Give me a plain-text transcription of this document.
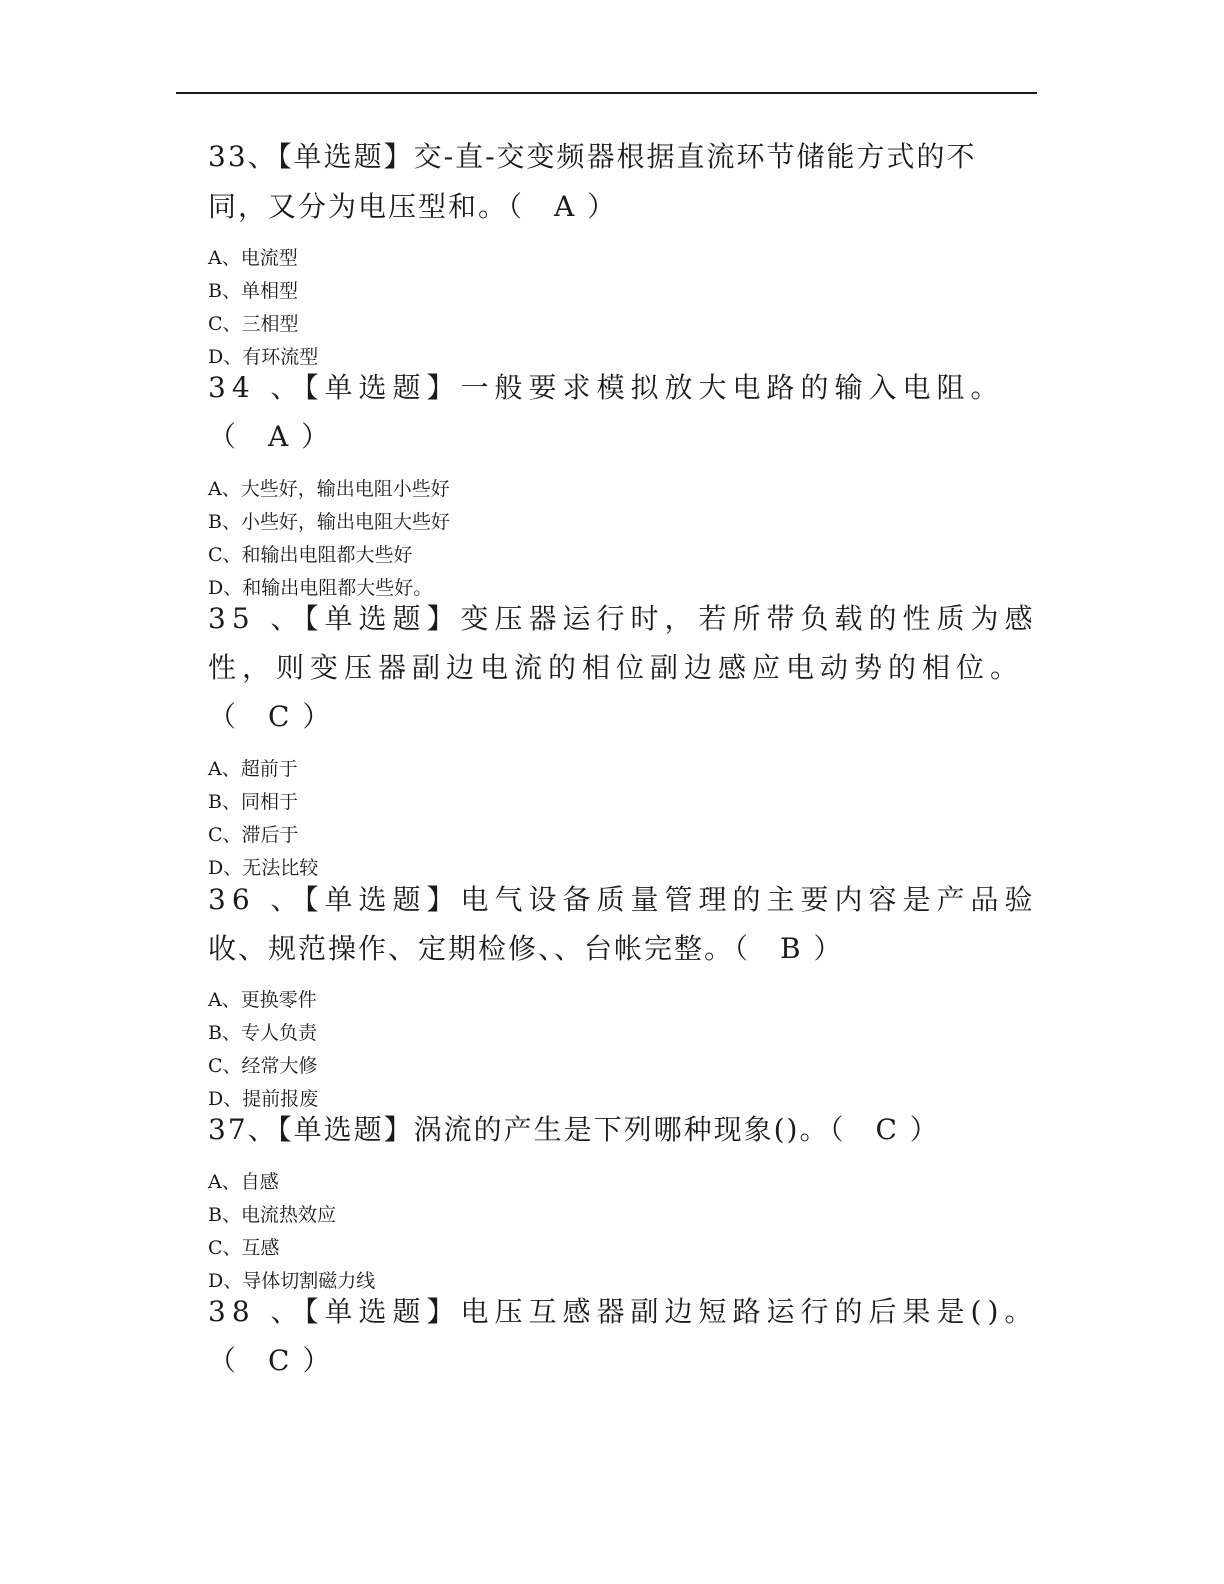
33、【单选题】交-直-交变频器根据直流环节储能方式的不

同，又分为电压型和。（　A ）

A、电流型

B、单相型

C、三相型

D、有环流型

34 、【单选题】一般要求模拟放大电路的输入电阻。

（　A ）

A、大些好，输出电阻小些好

B、小些好，输出电阻大些好

C、和输出电阻都大些好

D、和输出电阻都大些好。

35 、【单选题】变压器运行时，若所带负载的性质为感

性，则变压器副边电流的相位副边感应电动势的相位。

（　C ）

A、超前于

B、同相于

C、滞后于

D、无法比较

36 、【单选题】电气设备质量管理的主要内容是产品验

收、规范操作、定期检修、、台帐完整。（　B ）

A、更换零件

B、专人负责

C、经常大修

D、提前报废

37、【单选题】涡流的产生是下列哪种现象()。（　C ）

A、自感

B、电流热效应

C、互感

D、导体切割磁力线

38 、【单选题】电压互感器副边短路运行的后果是()。

（　C ）
